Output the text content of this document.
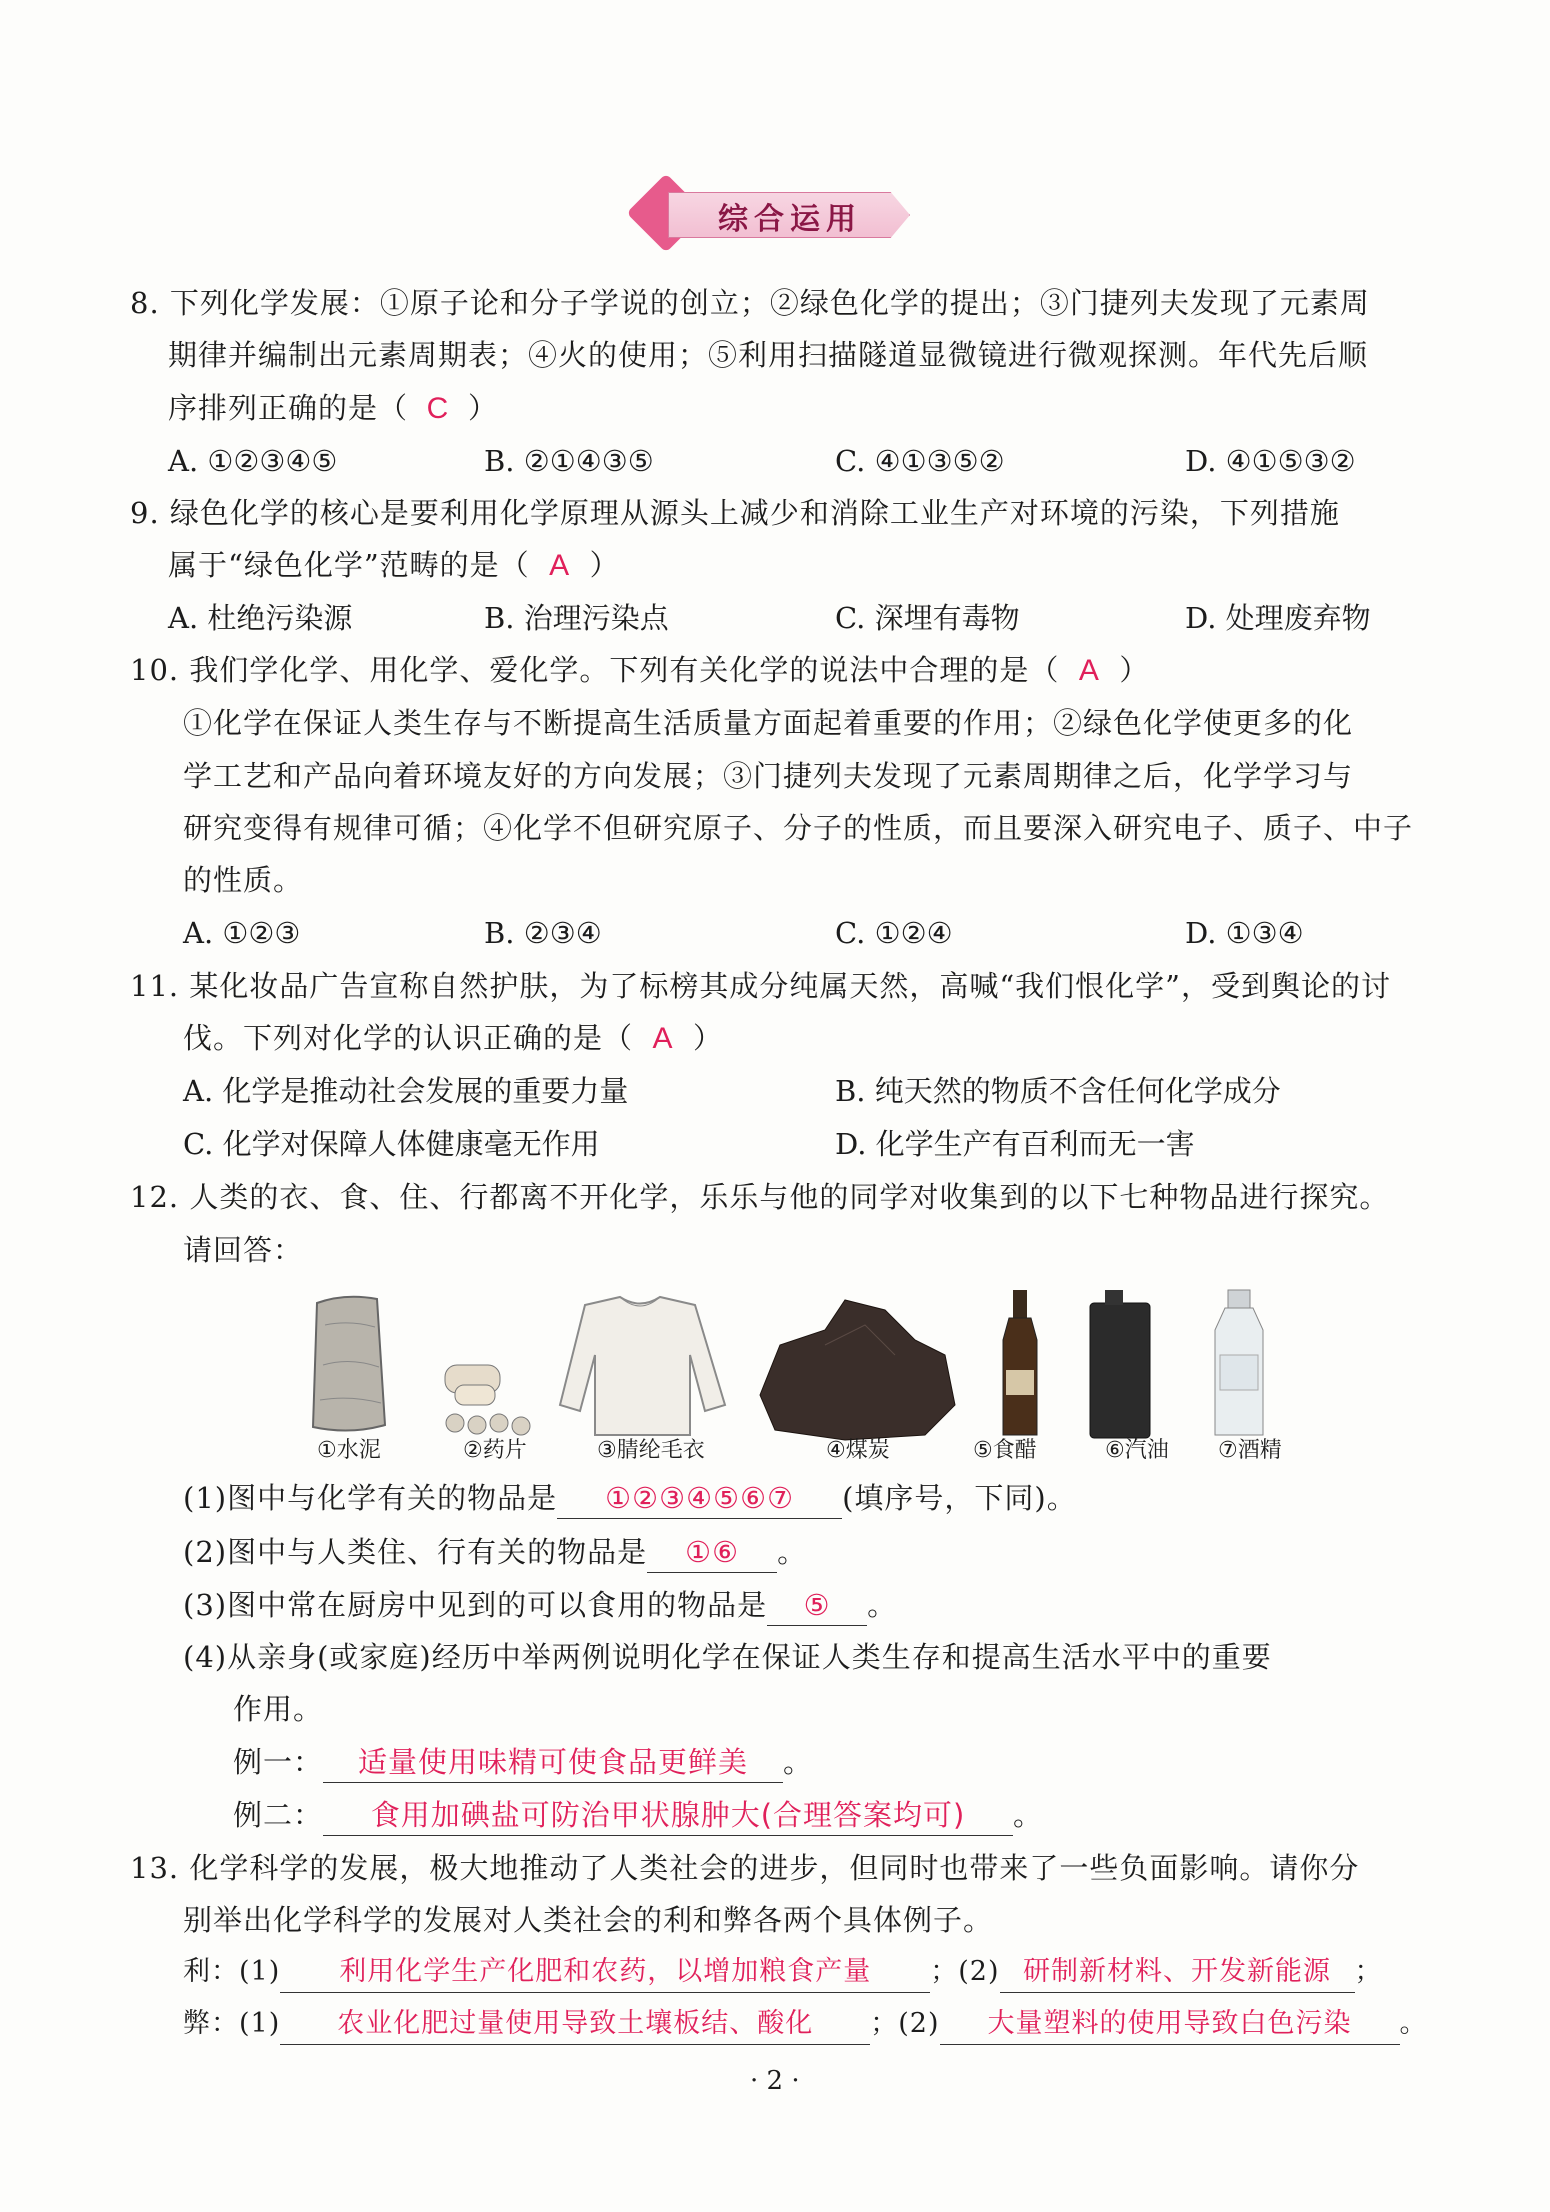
综合运用
8. 下列化学发展：①原子论和分子学说的创立；②绿色化学的提出；③门捷列夫发现了元素周
期律并编制出元素周期表；④火的使用；⑤利用扫描隧道显微镜进行微观探测。年代先后顺
序排列正确的是（ C ）
A. ①②③④⑤	B. ②①④③⑤	C. ④①③⑤②	D. ④①⑤③②
9. 绿色化学的核心是要利用化学原理从源头上减少和消除工业生产对环境的污染，下列措施
属于“绿色化学”范畴的是（ A ）
A. 杜绝污染源	B. 治理污染点	C. 深埋有毒物	D. 处理废弃物
10. 我们学化学、用化学、爱化学。下列有关化学的说法中合理的是（ A ）
①化学在保证人类生存与不断提高生活质量方面起着重要的作用；②绿色化学使更多的化
学工艺和产品向着环境友好的方向发展；③门捷列夫发现了元素周期律之后，化学学习与
研究变得有规律可循；④化学不但研究原子、分子的性质，而且要深入研究电子、质子、中子
的性质。
A. ①②③	B. ②③④	C. ①②④	D. ①③④
11. 某化妆品广告宣称自然护肤，为了标榜其成分纯属天然，高喊“我们恨化学”，受到舆论的讨
伐。下列对化学的认识正确的是（ A ）
A. 化学是推动社会发展的重要力量	B. 纯天然的物质不含任何化学成分
C. 化学对保障人体健康毫无作用	D. 化学生产有百利而无一害
12. 人类的衣、食、住、行都离不开化学，乐乐与他的同学对收集到的以下七种物品进行探究。
请回答：
①水泥	②药片	③腈纶毛衣	④煤炭	⑤食醋	⑥汽油 ⑦酒精
(1)图中与化学有关的物品是 ①②③④⑤⑥⑦ (填序号，下同)。
(2)图中与人类住、行有关的物品是 ①⑥ 。
(3)图中常在厨房中见到的可以食用的物品是 ⑤ 。
(4)从亲身(或家庭)经历中举两例说明化学在保证人类生存和提高生活水平中的重要
作用。
例一： 适量使用味精可使食品更鲜美 。
例二： 食用加碘盐可防治甲状腺肿大(合理答案均可) 。
13. 化学科学的发展，极大地推动了人类社会的进步，但同时也带来了一些负面影响。请你分
别举出化学科学的发展对人类社会的利和弊各两个具体例子。
利：(1) 利用化学生产化肥和农药，以增加粮食产量 ；(2) 研制新材料、开发新能源 ；
弊：(1) 农业化肥过量使用导致土壤板结、酸化 ；(2) 大量塑料的使用导致白色污染 。
· 2 ·
